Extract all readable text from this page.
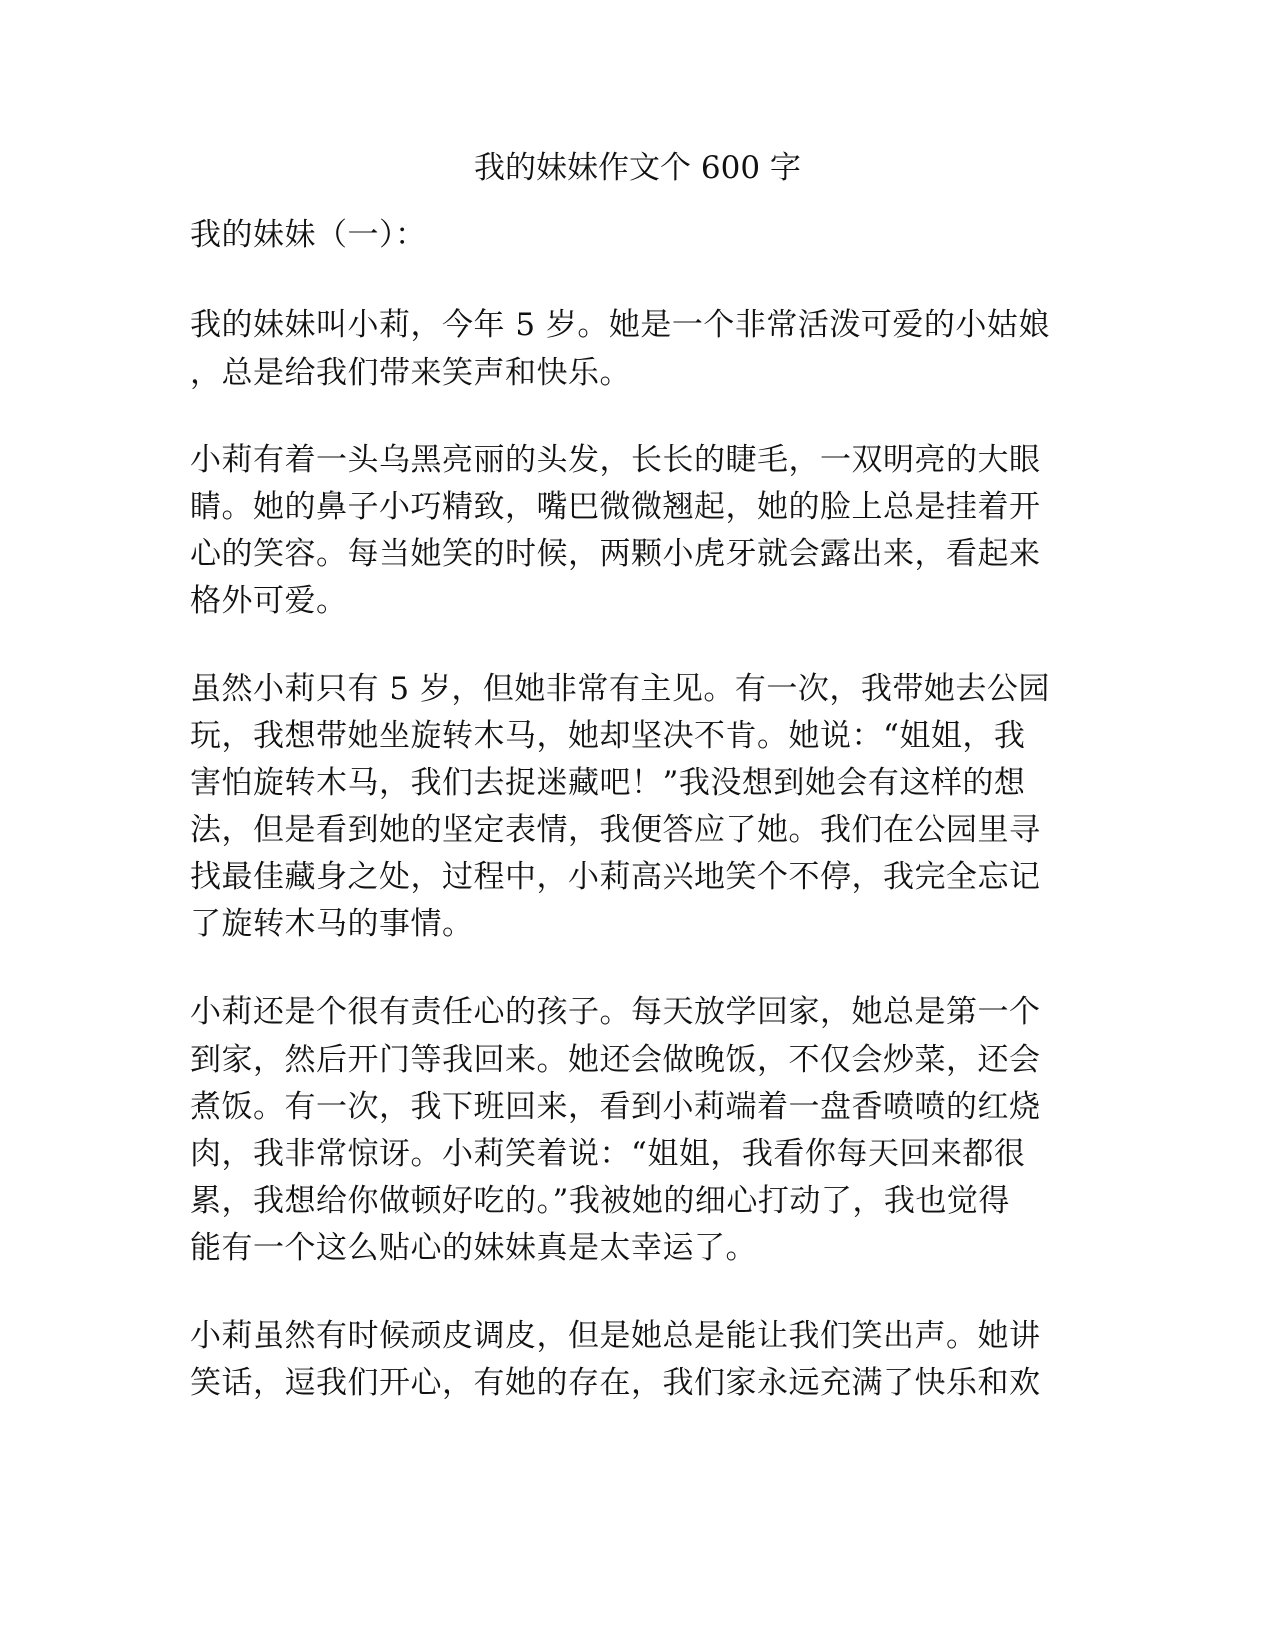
我的妹妹作文个 600 字
我的妹妹（一）：
我的妹妹叫小莉，今年 5 岁。她是一个非常活泼可爱的小姑娘
，总是给我们带来笑声和快乐。
小莉有着一头乌黑亮丽的头发，长长的睫毛，一双明亮的大眼
睛。她的鼻子小巧精致，嘴巴微微翘起，她的脸上总是挂着开
心的笑容。每当她笑的时候，两颗小虎牙就会露出来，看起来
格外可爱。
虽然小莉只有 5 岁，但她非常有主见。有一次，我带她去公园
玩，我想带她坐旋转木马，她却坚决不肯。她说：“姐姐，我
害怕旋转木马，我们去捉迷藏吧！”我没想到她会有这样的想
法，但是看到她的坚定表情，我便答应了她。我们在公园里寻
找最佳藏身之处，过程中，小莉高兴地笑个不停，我完全忘记
了旋转木马的事情。
小莉还是个很有责任心的孩子。每天放学回家，她总是第一个
到家，然后开门等我回来。她还会做晚饭，不仅会炒菜，还会
煮饭。有一次，我下班回来，看到小莉端着一盘香喷喷的红烧
肉，我非常惊讶。小莉笑着说：“姐姐，我看你每天回来都很
累，我想给你做顿好吃的。”我被她的细心打动了，我也觉得
能有一个这么贴心的妹妹真是太幸运了。
小莉虽然有时候顽皮调皮，但是她总是能让我们笑出声。她讲
笑话，逗我们开心，有她的存在，我们家永远充满了快乐和欢
